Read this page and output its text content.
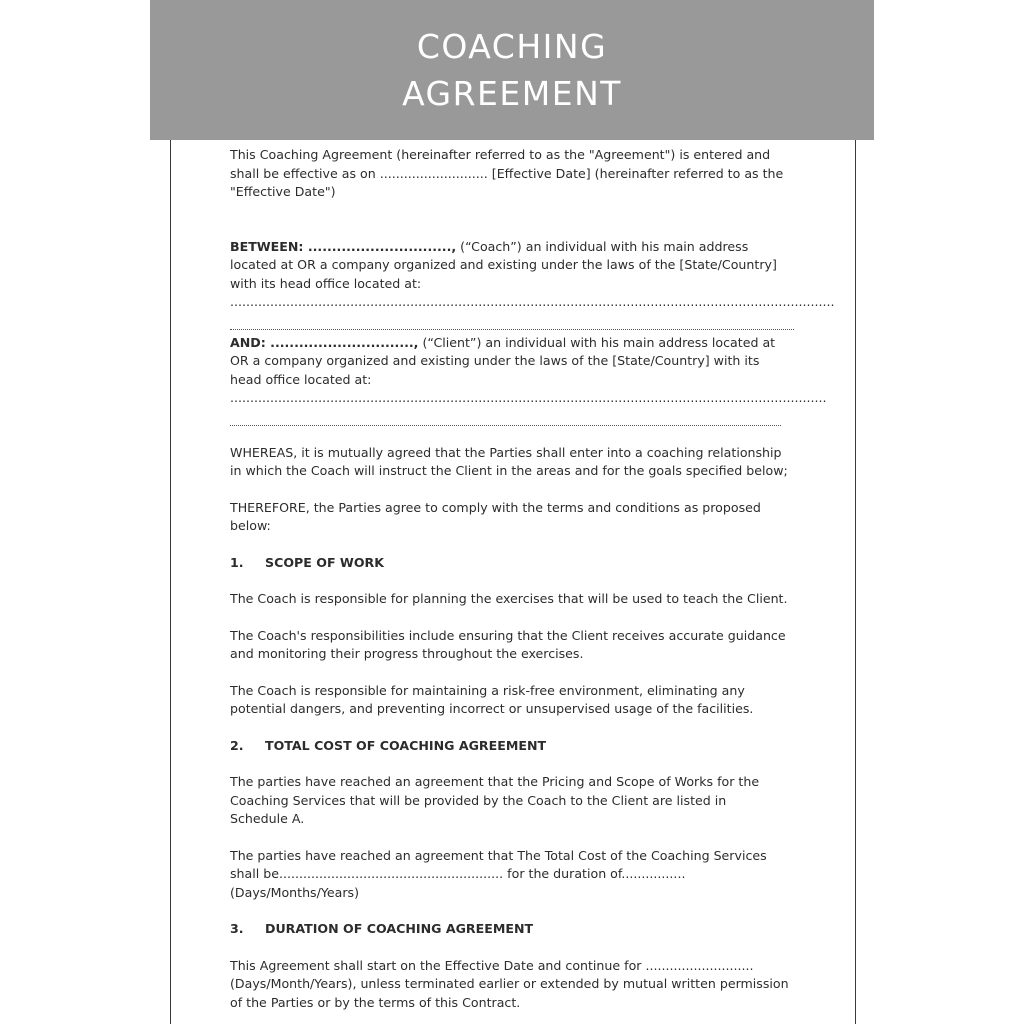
COACHING
AGREEMENT

This Coaching Agreement (hereinafter referred to as the "Agreement") is entered and shall be effective as on ........................... [Effective Date] (hereinafter referred to as the "Effective Date")

BETWEEN: .............................., (“Coach”) an individual with his main address located at OR a company organized and existing under the laws of the [State/Country] with its head office located at: .......................................................................................................................................................

AND: .............................., (“Client”) an individual with his main address located at OR a company organized and existing under the laws of the [State/Country] with its head office located at: .....................................................................................................................................................

WHEREAS, it is mutually agreed that the Parties shall enter into a coaching relationship in which the Coach will instruct the Client in the areas and for the goals specified below;

THEREFORE, the Parties agree to comply with the terms and conditions as proposed below:

1.	SCOPE OF WORK

The Coach is responsible for planning the exercises that will be used to teach the Client.

The Coach's responsibilities include ensuring that the Client receives accurate guidance and monitoring their progress throughout the exercises.

The Coach is responsible for maintaining a risk-free environment, eliminating any potential dangers, and preventing incorrect or unsupervised usage of the facilities.

2.	TOTAL COST OF COACHING AGREEMENT

The parties have reached an agreement that the Pricing and Scope of Works for the
Coaching Services that will be provided by the Coach to the Client are listed in
Schedule A.

The parties have reached an agreement that The Total Cost of the Coaching Services shall be........................................................ for the duration of................(Days/Months/Years)

3.	DURATION OF COACHING AGREEMENT

This Agreement shall start on the Effective Date and continue for ...........................
(Days/Month/Years), unless terminated earlier or extended by mutual written permission of the Parties or by the terms of this Contract.
